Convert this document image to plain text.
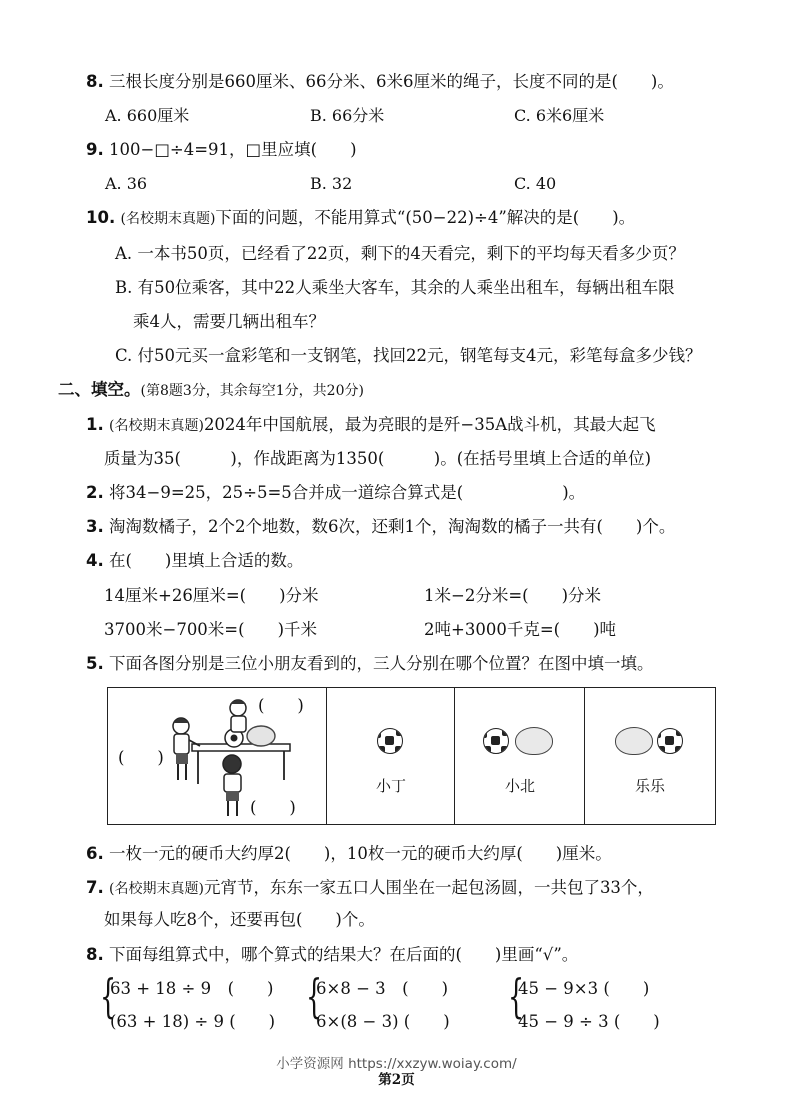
8. 三根长度分别是660厘米、66分米、6米6厘米的绳子，长度不同的是(　　)。
A. 660厘米	B. 66分米	C. 6米6厘米
9. 100−□÷4=91，□里应填(　　)
A. 36	B. 32	C. 40
10. (名校期末真题)下面的问题，不能用算式“(50−22)÷4”解决的是(　　)。
A. 一本书50页，已经看了22页，剩下的4天看完，剩下的平均每天看多少页？
B. 有50位乘客，其中22人乘坐大客车，其余的人乘坐出租车，每辆出租车限
乘4人，需要几辆出租车？
C. 付50元买一盒彩笔和一支钢笔，找回22元，钢笔每支4元，彩笔每盒多少钱？
二、填空。(第8题3分，其余每空1分，共20分)
1. (名校期末真题)2024年中国航展，最为亮眼的是歼−35A战斗机，其最大起飞
质量为35(　　　)，作战距离为1350(　　　)。(在括号里填上合适的单位)
2. 将34−9=25，25÷5=5合并成一道综合算式是(　　　　　　)。
3. 淘淘数橘子，2个2个地数，数6次，还剩1个，淘淘数的橘子一共有(　　)个。
4. 在(　　)里填上合适的数。
14厘米+26厘米=(　　)分米	1米−2分米=(　　)分米
3700米−700米=(　　)千米	2吨+3000千克=(　　)吨
5. 下面各图分别是三位小朋友看到的，三人分别在哪个位置？在图中填一填。
(　　)
(　　)
(　　)
小丁	小北	乐乐
6. 一枚一元的硬币大约厚2(　　)，10枚一元的硬币大约厚(　　)厘米。
7. (名校期末真题)元宵节，东东一家五口人围坐在一起包汤圆，一共包了33个，
如果每人吃8个，还要再包(　　)个。
8. 下面每组算式中，哪个算式的结果大？在后面的(　　)里画“√”。
{
63 + 18 ÷ 9　(　　)
(63 + 18) ÷ 9 (　　) {
6×8 − 3　(　　)
6×(8 − 3) (　　) {
45 − 9×3 (　　)
45 − 9 ÷ 3 (　　)
小学资源网 https://xxzyw.woiay.com/
第2页
